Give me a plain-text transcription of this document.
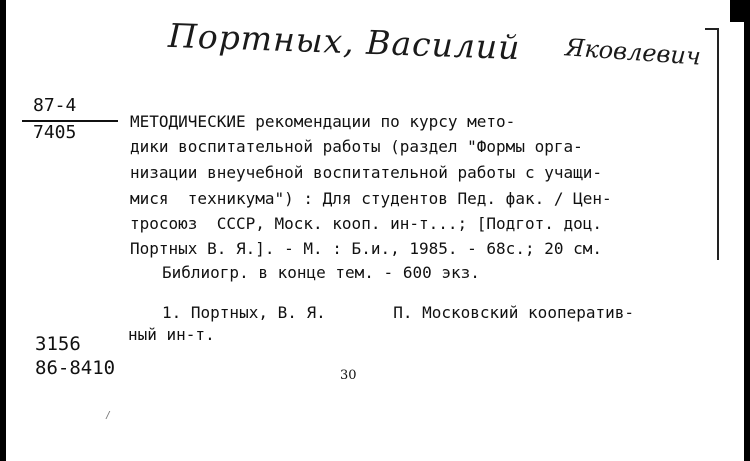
Портных, Василий Яковлевич
87-4
7405
МЕТОДИЧЕСКИЕ рекомендации по курсу мето-
дики воспитательной работы (раздел "Формы орга-
низации внеучебной воспитательной работы с учащи-
мися  техникума") : Для студентов Пед. фак. / Цен-
тросоюз  СССР, Моск. кооп. ин-т...; [Подгот. доц.
Портных В. Я.]. - М. : Б.и., 1985. - 68с.; 20 см.
Библиогр. в конце тем. - 600 экз.
1. Портных, В. Я.       П. Московский кооператив-
ный ин-т.
3156
86-8410	30
/
